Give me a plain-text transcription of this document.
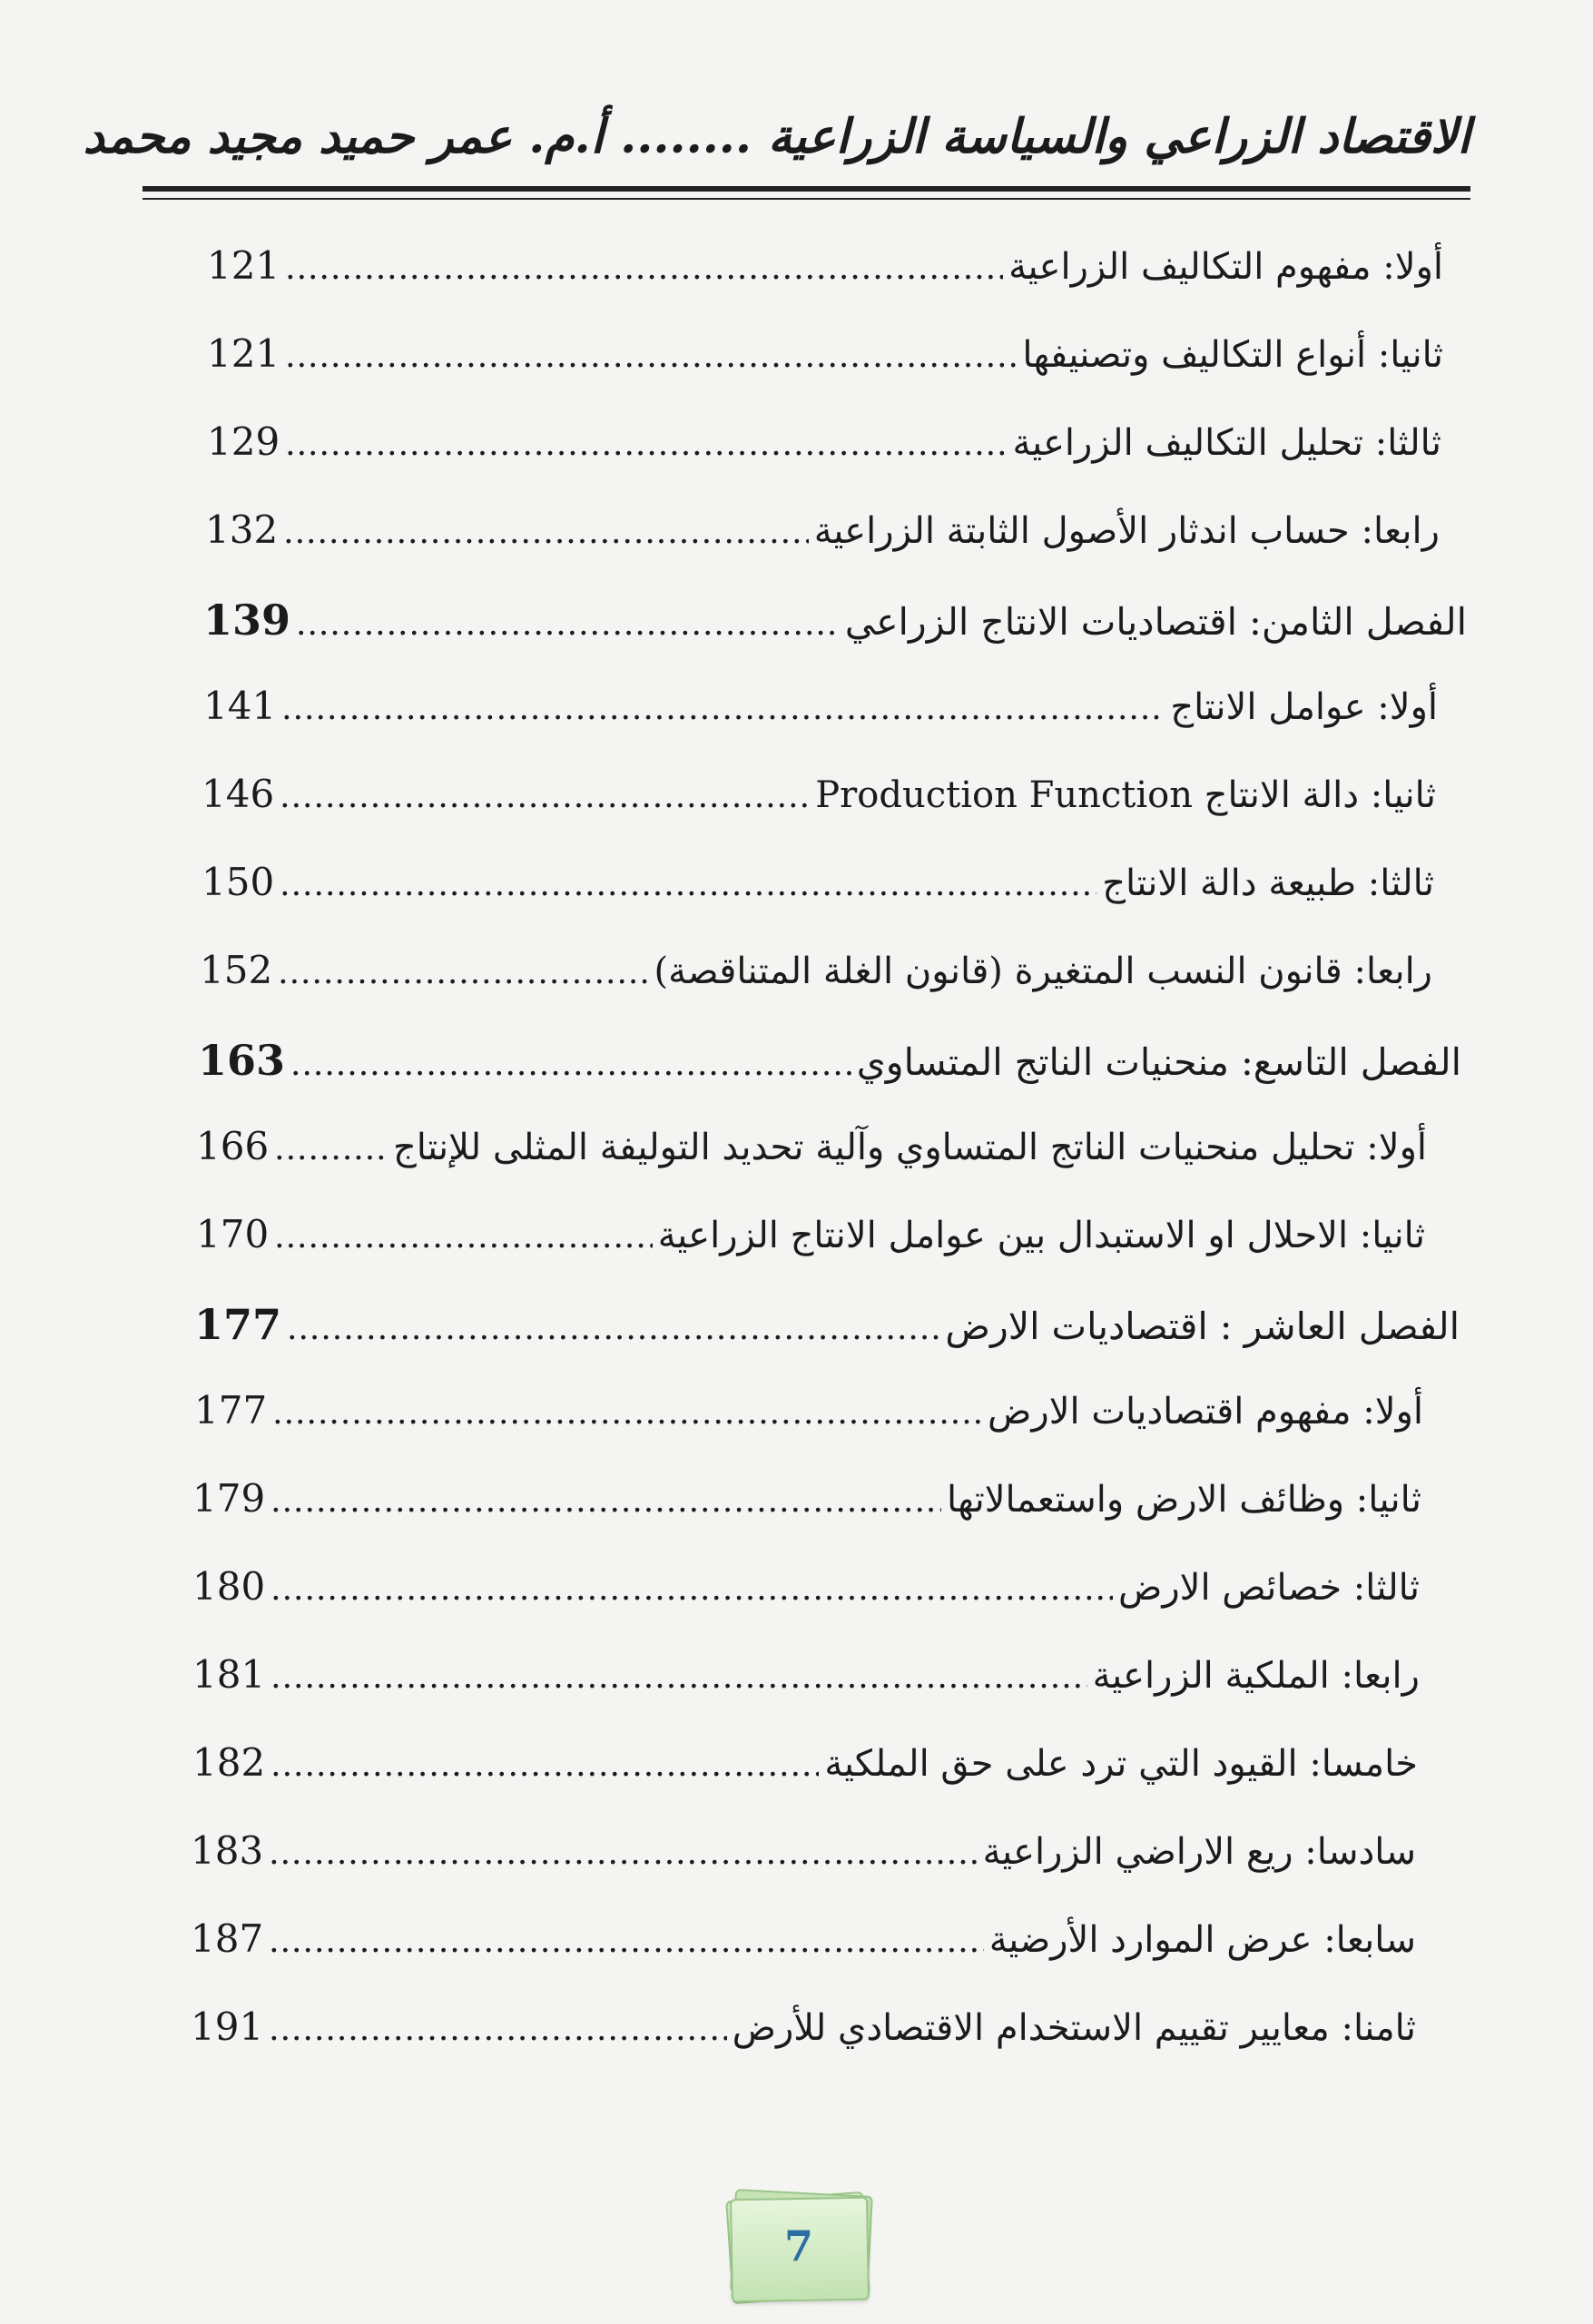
الاقتصاد الزراعي والسياسة الزراعية ........ أ.م. عمر حميد مجيد محمد
أولا: مفهوم التكاليف الزراعية
.....
121
ثانيا: أنواع التكاليف وتصنيفها
.....
121
ثالثا: تحليل التكاليف الزراعية
.....
129
رابعا: حساب اندثار الأصول الثابتة الزراعية
.....
132
الفصل الثامن: اقتصاديات الانتاج الزراعي
.....
139
أولا: عوامل الانتاج
.....
141
ثانيا: دالة الانتاج Production Function
.....
146
ثالثا: طبيعة دالة الانتاج
.....
150
رابعا: قانون النسب المتغيرة (قانون الغلة المتناقصة)
.....
152
الفصل التاسع: منحنيات الناتج المتساوي
.....
163
أولا: تحليل منحنيات الناتج المتساوي وآلية تحديد التوليفة المثلى للإنتاج
.....
166
ثانيا: الاحلال او الاستبدال بين عوامل الانتاج الزراعية
.....
170
الفصل العاشر : اقتصاديات الارض
.....
177
أولا: مفهوم اقتصاديات الارض
.....
177
ثانيا: وظائف الارض واستعمالاتها
.....
179
ثالثا: خصائص الارض
.....
180
رابعا: الملكية الزراعية
.....
181
خامسا: القيود التي ترد على حق الملكية
.....
182
سادسا: ريع الاراضي الزراعية
.....
183
سابعا: عرض الموارد الأرضية
.....
187
ثامنا: معايير تقييم الاستخدام الاقتصادي للأرض
.....
191
7
